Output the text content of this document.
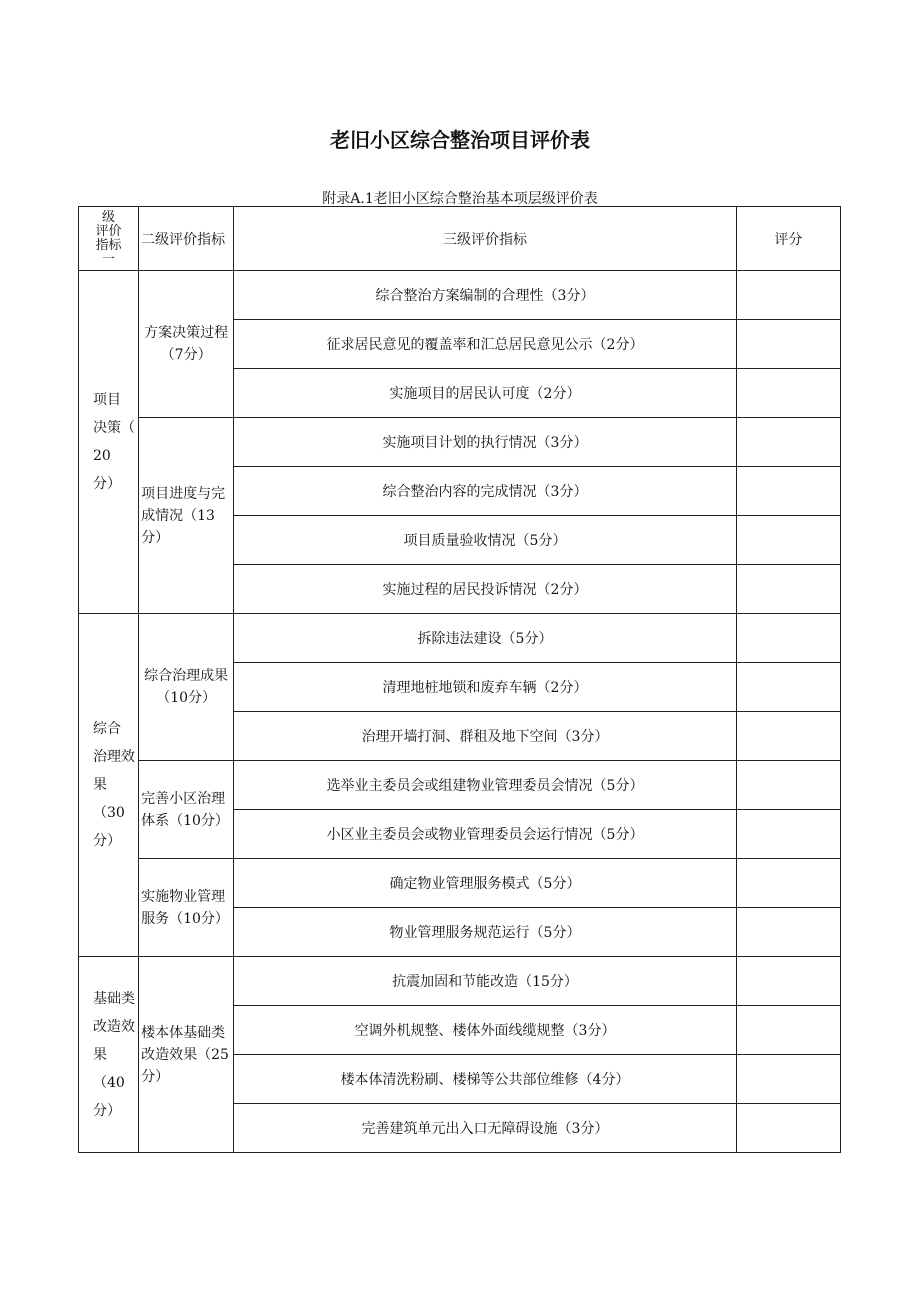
老旧小区综合整治项目评价表
附录A.1老旧小区综合整治基本项层级评价表
级
评价
指标
一	二级评价指标	三级评价指标	评分

项目
决策（
20
分）	方案决策过程
（7分）	综合整治方案编制的合理性（3分）	
		征求居民意见的覆盖率和汇总居民意见公示（2分）	
		实施项目的居民认可度（2分）	

	项目进度与完
成情况（13
分）	实施项目计划的执行情况（3分）	
		综合整治内容的完成情况（3分）	
		项目质量验收情况（5分）	
		实施过程的居民投诉情况（2分）	

综合
治理效
果
（30
分）	综合治理成果
（10分）	拆除违法建设（5分）	
		清理地桩地锁和废弃车辆（2分）	
		治理开墙打洞、群租及地下空间（3分）	

	完善小区治理
体系（10分）	选举业主委员会或组建物业管理委员会情况（5分）	
		小区业主委员会或物业管理委员会运行情况（5分）	

	实施物业管理
服务（10分）	确定物业管理服务模式（5分）	
		物业管理服务规范运行（5分）	

基础类
改造效
果（40
分）	楼本体基础类
改造效果（25
分）	抗震加固和节能改造（15分）	
		空调外机规整、楼体外面线缆规整（3分）	
		楼本体清洗粉刷、楼梯等公共部位维修（4分）	
		完善建筑单元出入口无障碍设施（3分）	
